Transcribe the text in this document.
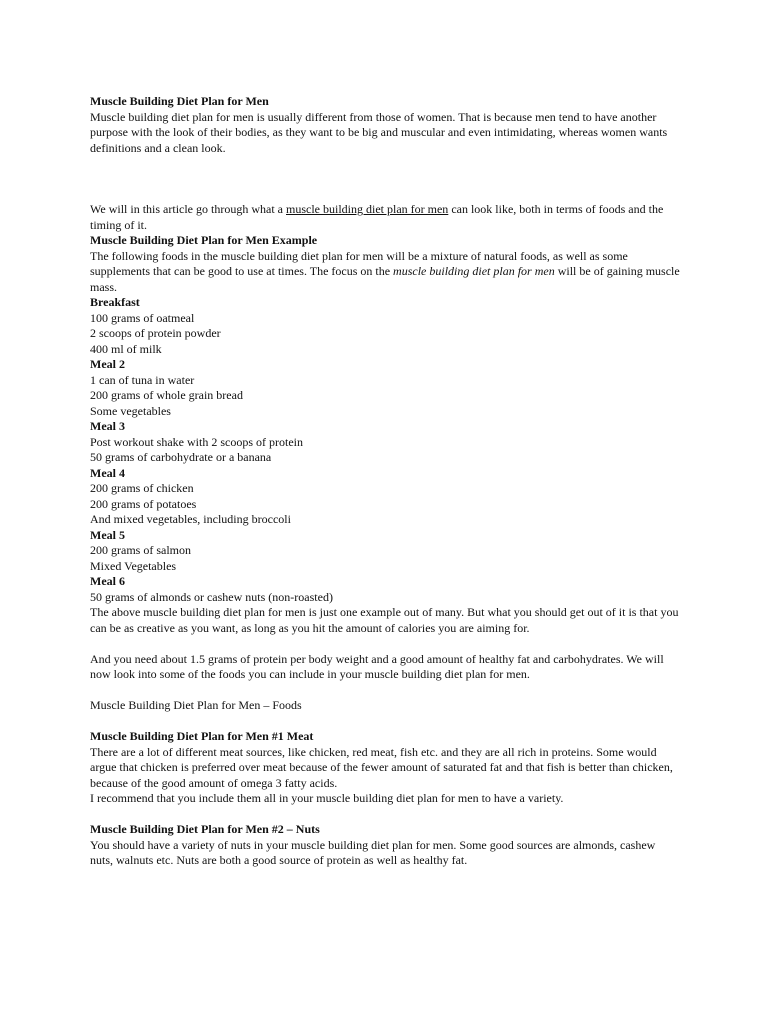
Muscle Building Diet Plan for Men

Muscle building diet plan for men is usually different from those of women. That is because men tend to have another purpose with the look of their bodies, as they want to be big and muscular and even intimidating, whereas women wants definitions and a clean look.

We will in this article go through what a muscle building diet plan for men can look like, both in terms of foods and the timing of it.

Muscle Building Diet Plan for Men Example

The following foods in the muscle building diet plan for men will be a mixture of natural foods, as well as some supplements that can be good to use at times. The focus on the muscle building diet plan for men will be of gaining muscle mass.

Breakfast

100 grams of oatmeal

2 scoops of protein powder

400 ml of milk

Meal 2

1 can of tuna in water

200 grams of whole grain bread

Some vegetables

Meal 3

Post workout shake with 2 scoops of protein

50 grams of carbohydrate or a banana

Meal 4

200 grams of chicken

200 grams of potatoes

And mixed vegetables, including broccoli

Meal 5

200 grams of salmon

Mixed Vegetables

Meal 6

50 grams of almonds or cashew nuts (non-roasted)

The above muscle building diet plan for men is just one example out of many. But what you should get out of it is that you can be as creative as you want, as long as you hit the amount of calories you are aiming for.

And you need about 1.5 grams of protein per body weight and a good amount of healthy fat and carbohydrates. We will now look into some of the foods you can include in your muscle building diet plan for men.

Muscle Building Diet Plan for Men – Foods

Muscle Building Diet Plan for Men #1 Meat

There are a lot of different meat sources, like chicken, red meat, fish etc. and they are all rich in proteins. Some would argue that chicken is preferred over meat because of the fewer amount of saturated fat and that fish is better than chicken, because of the good amount of omega 3 fatty acids.

I recommend that you include them all in your muscle building diet plan for men to have a variety.

Muscle Building Diet Plan for Men #2 – Nuts

You should have a variety of nuts in your muscle building diet plan for men. Some good sources are almonds, cashew nuts, walnuts etc. Nuts are both a good source of protein as well as healthy fat.
